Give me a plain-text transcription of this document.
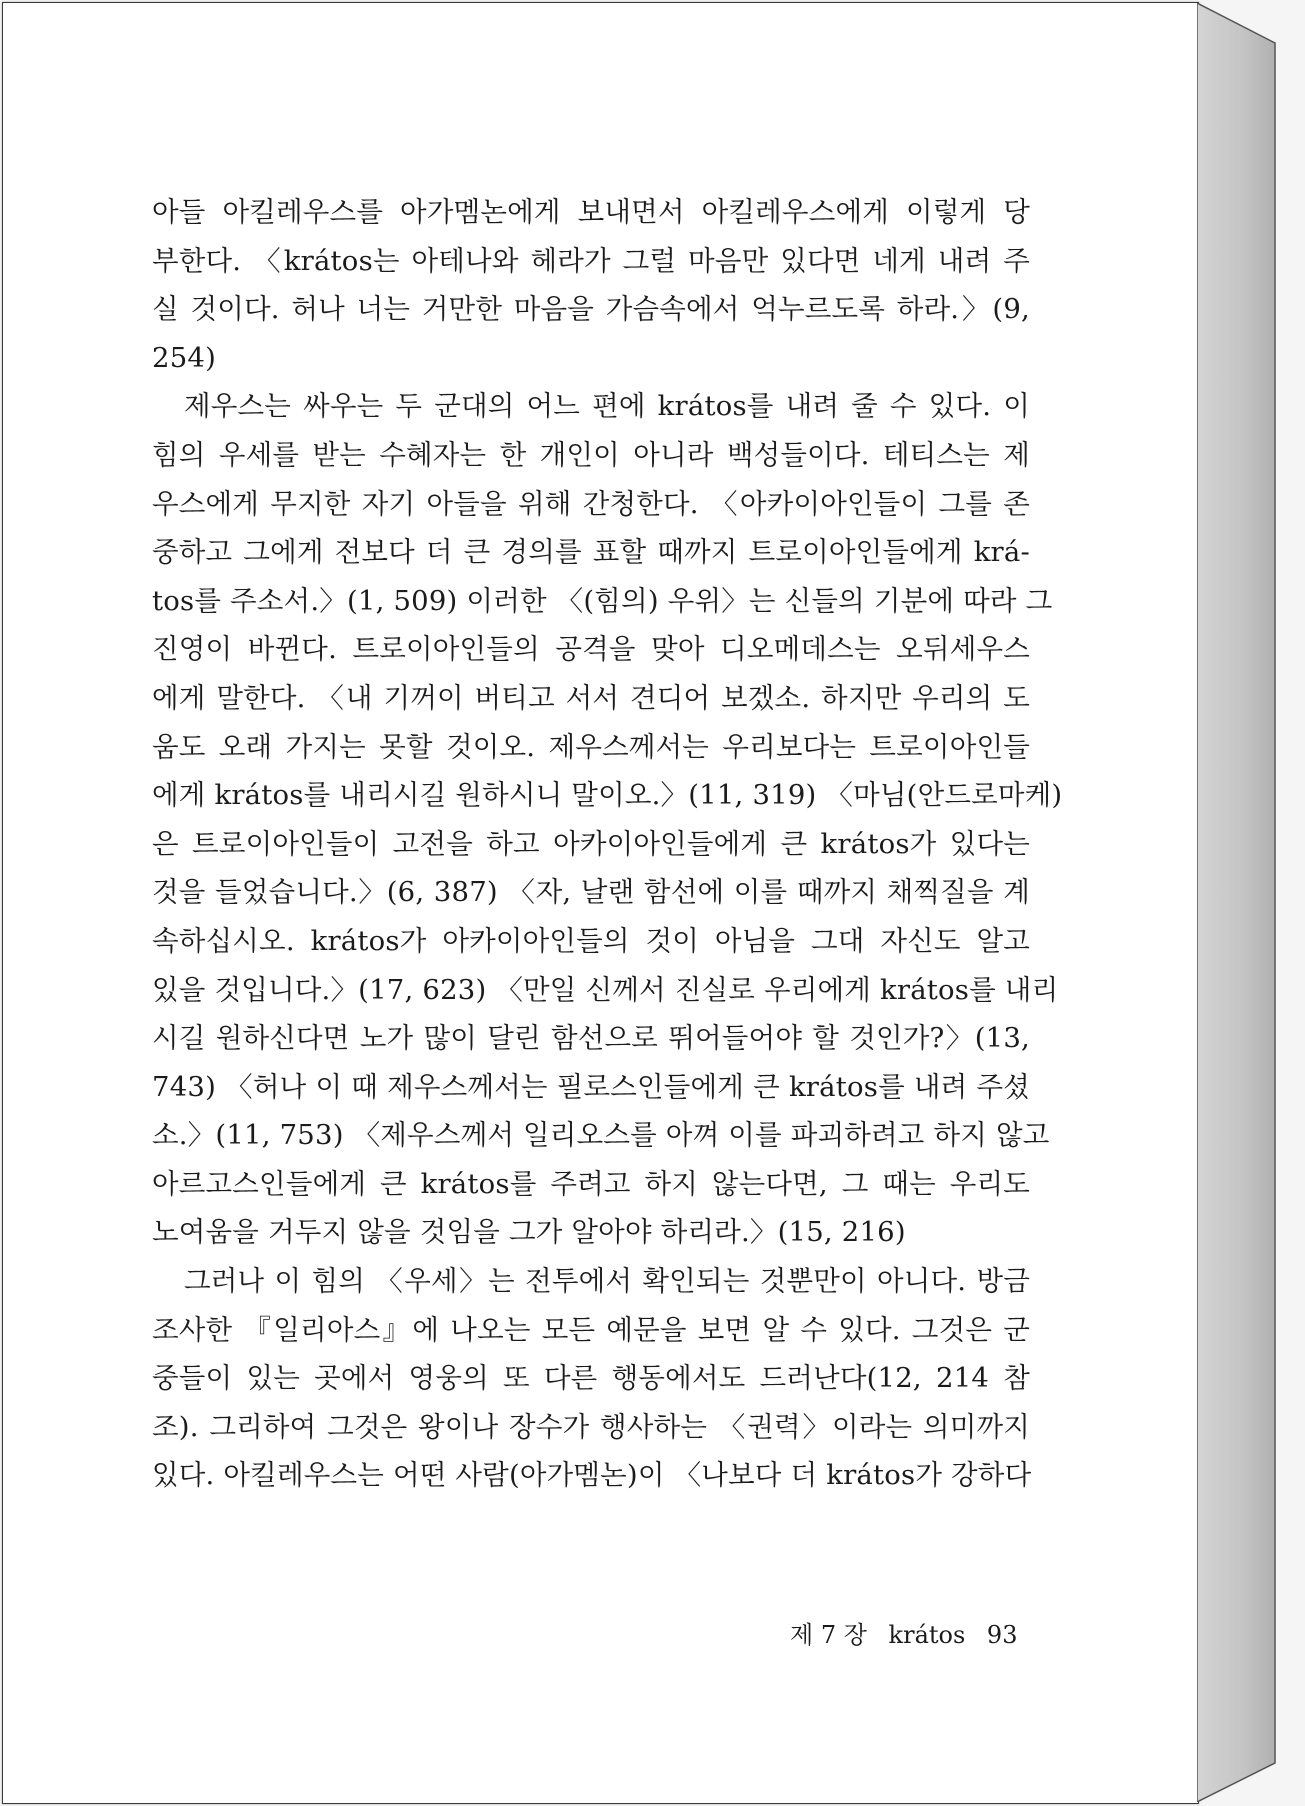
아들 아킬레우스를 아가멤논에게 보내면서 아킬레우스에게 이렇게 당
부한다. 〈krátos는 아테나와 헤라가 그럴 마음만 있다면 네게 내려 주
실 것이다. 허나 너는 거만한 마음을 가슴속에서 억누르도록 하라.〉(9,
254)
제우스는 싸우는 두 군대의 어느 편에 krátos를 내려 줄 수 있다. 이
힘의 우세를 받는 수혜자는 한 개인이 아니라 백성들이다. 테티스는 제
우스에게 무지한 자기 아들을 위해 간청한다. 〈아카이아인들이 그를 존
중하고 그에게 전보다 더 큰 경의를 표할 때까지 트로이아인들에게 krá-
tos를 주소서.〉(1, 509) 이러한 〈(힘의) 우위〉는 신들의 기분에 따라 그
진영이 바뀐다. 트로이아인들의 공격을 맞아 디오메데스는 오뒤세우스
에게 말한다. 〈내 기꺼이 버티고 서서 견디어 보겠소. 하지만 우리의 도
움도 오래 가지는 못할 것이오. 제우스께서는 우리보다는 트로이아인들
에게 krátos를 내리시길 원하시니 말이오.〉(11, 319) 〈마님(안드로마케)
은 트로이아인들이 고전을 하고 아카이아인들에게 큰 krátos가 있다는
것을 들었습니다.〉(6, 387) 〈자, 날랜 함선에 이를 때까지 채찍질을 계
속하십시오. krátos가 아카이아인들의 것이 아님을 그대 자신도 알고
있을 것입니다.〉(17, 623) 〈만일 신께서 진실로 우리에게 krátos를 내리
시길 원하신다면 노가 많이 달린 함선으로 뛰어들어야 할 것인가?〉(13,
743) 〈허나 이 때 제우스께서는 필로스인들에게 큰 krátos를 내려 주셨
소.〉(11, 753) 〈제우스께서 일리오스를 아껴 이를 파괴하려고 하지 않고
아르고스인들에게 큰 krátos를 주려고 하지 않는다면, 그 때는 우리도
노여움을 거두지 않을 것임을 그가 알아야 하리라.〉(15, 216)
그러나 이 힘의 〈우세〉는 전투에서 확인되는 것뿐만이 아니다. 방금
조사한 『일리아스』에 나오는 모든 예문을 보면 알 수 있다. 그것은 군
중들이 있는 곳에서 영웅의 또 다른 행동에서도 드러난다(12, 214 참
조). 그리하여 그것은 왕이나 장수가 행사하는 〈권력〉이라는 의미까지
있다. 아킬레우스는 어떤 사람(아가멤논)이 〈나보다 더 krátos가 강하다
제 7 장 krátos 93
